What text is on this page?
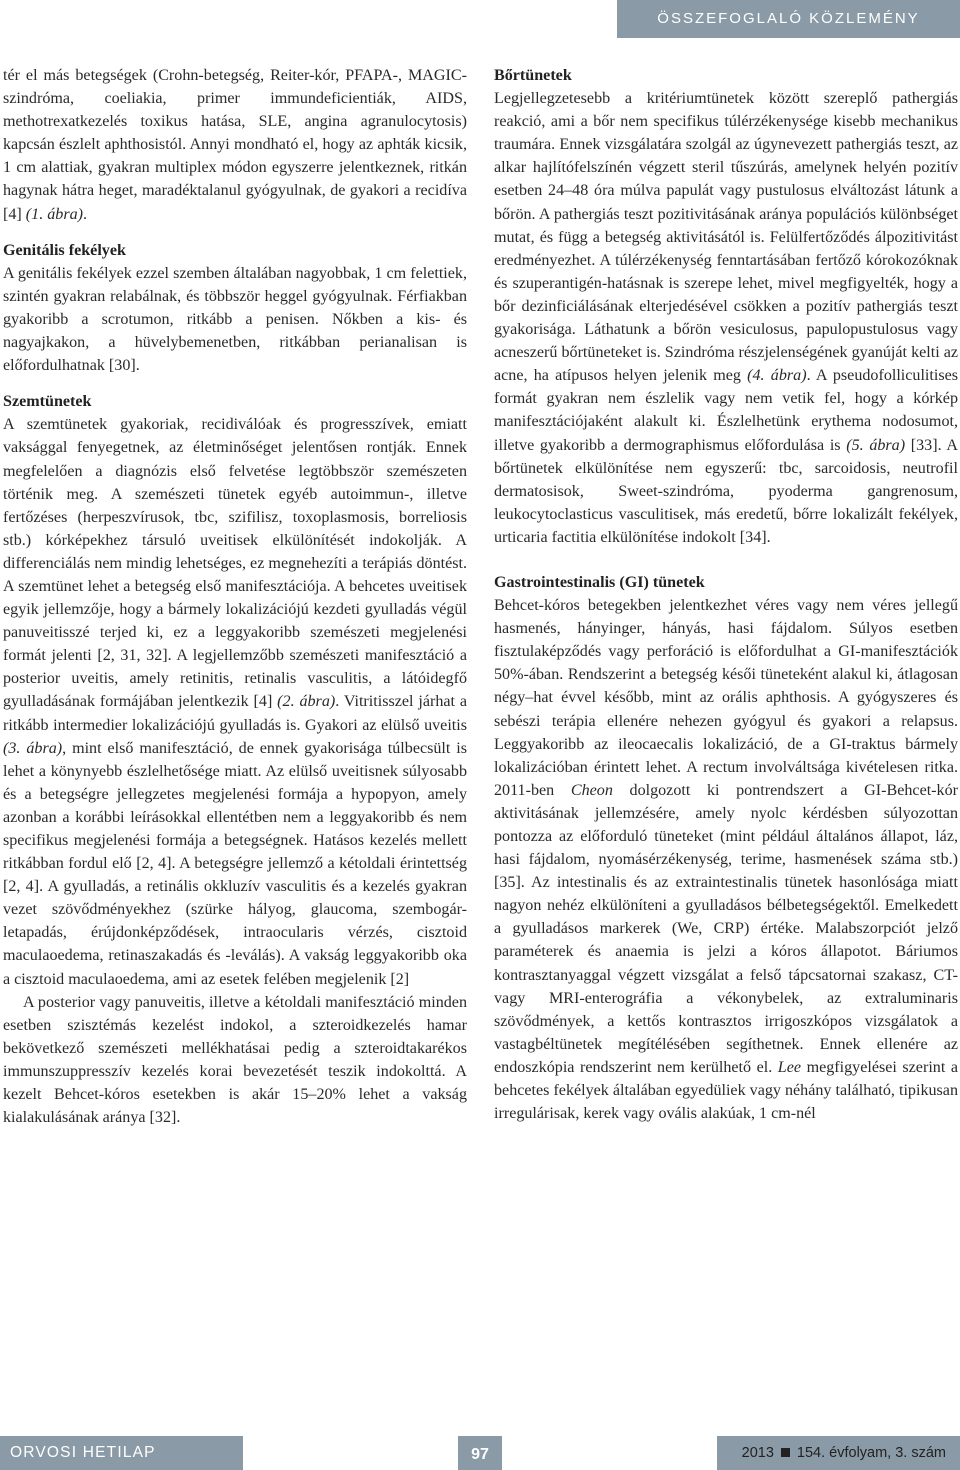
ÖSSZEFOGLALÓ KÖZLEMÉNY

tér el más betegségek (Crohn-betegség, Reiter-kór, PFAPA-, MAGIC-szindróma, coeliakia, primer immundeficientiák, AIDS, methotrexatkezelés toxikus hatása, SLE, angina agranulocytosis) kapcsán észlelt aphthosistól. Annyi mondható el, hogy az aphták kicsik, 1 cm alattiak, gyakran multiplex módon egyszerre jelentkeznek, ritkán hagynak hátra heget, maradéktalanul gyógyulnak, de gyakori a recidíva [4] (1. ábra).

Genitális fekélyek

A genitális fekélyek ezzel szemben általában nagyobbak, 1 cm felettiek, szintén gyakran relabálnak, és többször heggel gyógyulnak. Férfiakban gyakoribb a scrotumon, ritkább a penisen. Nőkben a kis- és nagyajkakon, a hüvelybemenetben, ritkábban perianalisan is előfordulhatnak [30].

Szemtünetek

A szemtünetek gyakoriak, recidiválóak és progresszívek, emiatt vaksággal fenyegetnek, az életminőséget jelentősen rontják. Ennek megfelelően a diagnózis első felvetése legtöbbször szemészeten történik meg. A szemészeti tünetek egyéb autoimmun-, illetve fertőzéses (herpeszvírusok, tbc, szifilisz, toxoplasmosis, borreliosis stb.) kórképekhez társuló uveitisek elkülönítését indokolják. A differenciálás nem mindig lehetséges, ez megnehezíti a terápiás döntést. A szemtünet lehet a betegség első manifesztációja. A behcetes uveitisek egyik jellemzője, hogy a bármely lokalizációjú kezdeti gyulladás végül panuveitisszé terjed ki, ez a leggyakoribb szemészeti megjelenési formát jelenti [2, 31, 32]. A legjellemzőbb szemészeti manifesztáció a posterior uveitis, amely retinitis, retinalis vasculitis, a látóidegfő gyulladásának formájában jelentkezik [4] (2. ábra). Vitritisszel járhat a ritkább intermedier lokalizációjú gyulladás is. Gyakori az elülső uveitis (3. ábra), mint első manifesztáció, de ennek gyakorisága túlbecsült is lehet a könynyebb észlelhetősége miatt. Az elülső uveitisnek súlyosabb és a betegségre jellegzetes megjelenési formája a hypopyon, amely azonban a korábbi leírásokkal ellentétben nem a leggyakoribb és nem specifikus megjelenési formája a betegségnek. Hatásos kezelés mellett ritkábban fordul elő [2, 4]. A betegségre jellemző a kétoldali érintettség [2, 4]. A gyulladás, a retinális okkluzív vasculitis és a kezelés gyakran vezet szövődményekhez (szürke hályog, glaucoma, szembogár-letapadás, érújdonképződések, intraocularis vérzés, cisztoid maculaoedema, retinaszakadás és -leválás). A vakság leggyakoribb oka a cisztoid maculaoedema, ami az esetek felében megjelenik [2]

A posterior vagy panuveitis, illetve a kétoldali manifesztáció minden esetben szisztémás kezelést indokol, a szteroidkezelés hamar bekövetkező szemészeti mellékhatásai pedig a szteroidtakarékos immunszuppresszív kezelés korai bevezetését teszik indokolttá. A kezelt Behcet-kóros esetekben is akár 15–20% lehet a vakság kialakulásának aránya [32].

Bőrtünetek

Legjellegzetesebb a kritériumtünetek között szereplő pathergiás reakció, ami a bőr nem specifikus túlérzékenysége kisebb mechanikus traumára. Ennek vizsgálatára szolgál az úgynevezett pathergiás teszt, az alkar hajlítófelszínén végzett steril tűszúrás, amelynek helyén pozitív esetben 24–48 óra múlva papulát vagy pustulosus elváltozást látunk a bőrön. A pathergiás teszt pozitivitásának aránya populációs különbséget mutat, és függ a betegség aktivitásától is. Felülfertőződés álpozitivitást eredményezhet. A túlérzékenység fenntartásában fertőző kórokozóknak és szuperantigén-hatásnak is szerepe lehet, mivel megfigyelték, hogy a bőr dezinficiálásának elterjedésével csökken a pozitív pathergiás teszt gyakorisága. Láthatunk a bőrön vesiculosus, papulopustulosus vagy acneszerű bőrtüneteket is. Szindróma részjelenségének gyanúját kelti az acne, ha atípusos helyen jelenik meg (4. ábra). A pseudofolliculitises formát gyakran nem észlelik vagy nem vetik fel, hogy a kórkép manifesztációjaként alakult ki. Észlelhetünk erythema nodosumot, illetve gyakoribb a dermographismus előfordulása is (5. ábra) [33]. A bőrtünetek elkülönítése nem egyszerű: tbc, sarcoidosis, neutrofil dermatosisok, Sweet-szindróma, pyoderma gangrenosum, leukocytoclasticus vasculitisek, más eredetű, bőrre lokalizált fekélyek, urticaria factitia elkülönítése indokolt [34].

Gastrointestinalis (GI) tünetek

Behcet-kóros betegekben jelentkezhet véres vagy nem véres jellegű hasmenés, hányinger, hányás, hasi fájdalom. Súlyos esetben fisztulaképződés vagy perforáció is előfordulhat a GI-manifesztációk 50%-ában. Rendszerint a betegség késői tüneteként alakul ki, átlagosan négy–hat évvel később, mint az orális aphthosis. A gyógyszeres és sebészi terápia ellenére nehezen gyógyul és gyakori a relapsus. Leggyakoribb az ileocaecalis lokalizáció, de a GI-traktus bármely lokalizációban érintett lehet. A rectum involváltsága kivételesen ritka. 2011-ben Cheon dolgozott ki pontrendszert a GI-Behcet-kór aktivitásának jellemzésére, amely nyolc kérdésben súlyozottan pontozza az előforduló tüneteket (mint például általános állapot, láz, hasi fájdalom, nyomásérzékenység, terime, hasmenések száma stb.) [35]. Az intestinalis és az extraintestinalis tünetek hasonlósága miatt nagyon nehéz elkülöníteni a gyulladásos bélbetegségektől. Emelkedett a gyulladásos markerek (We, CRP) értéke. Malabszorpciót jelző paraméterek és anaemia is jelzi a kóros állapotot. Báriumos kontrasztanyaggal végzett vizsgálat a felső tápcsatornai szakasz, CT- vagy MRI-enterográfia a vékonybelek, az extraluminaris szövődmények, a kettős kontrasztos irrigoszkópos vizsgálatok a vastagbéltünetek megítélésében segíthetnek. Ennek ellenére az endoszkópia rendszerint nem kerülhető el. Lee megfigyelései szerint a behcetes fekélyek általában egyedüliek vagy néhány található, tipikusan irregulárisak, kerek vagy ovális alakúak, 1 cm-nél

ORVOSI HETILAP	97	2013 154. évfolyam, 3. szám
